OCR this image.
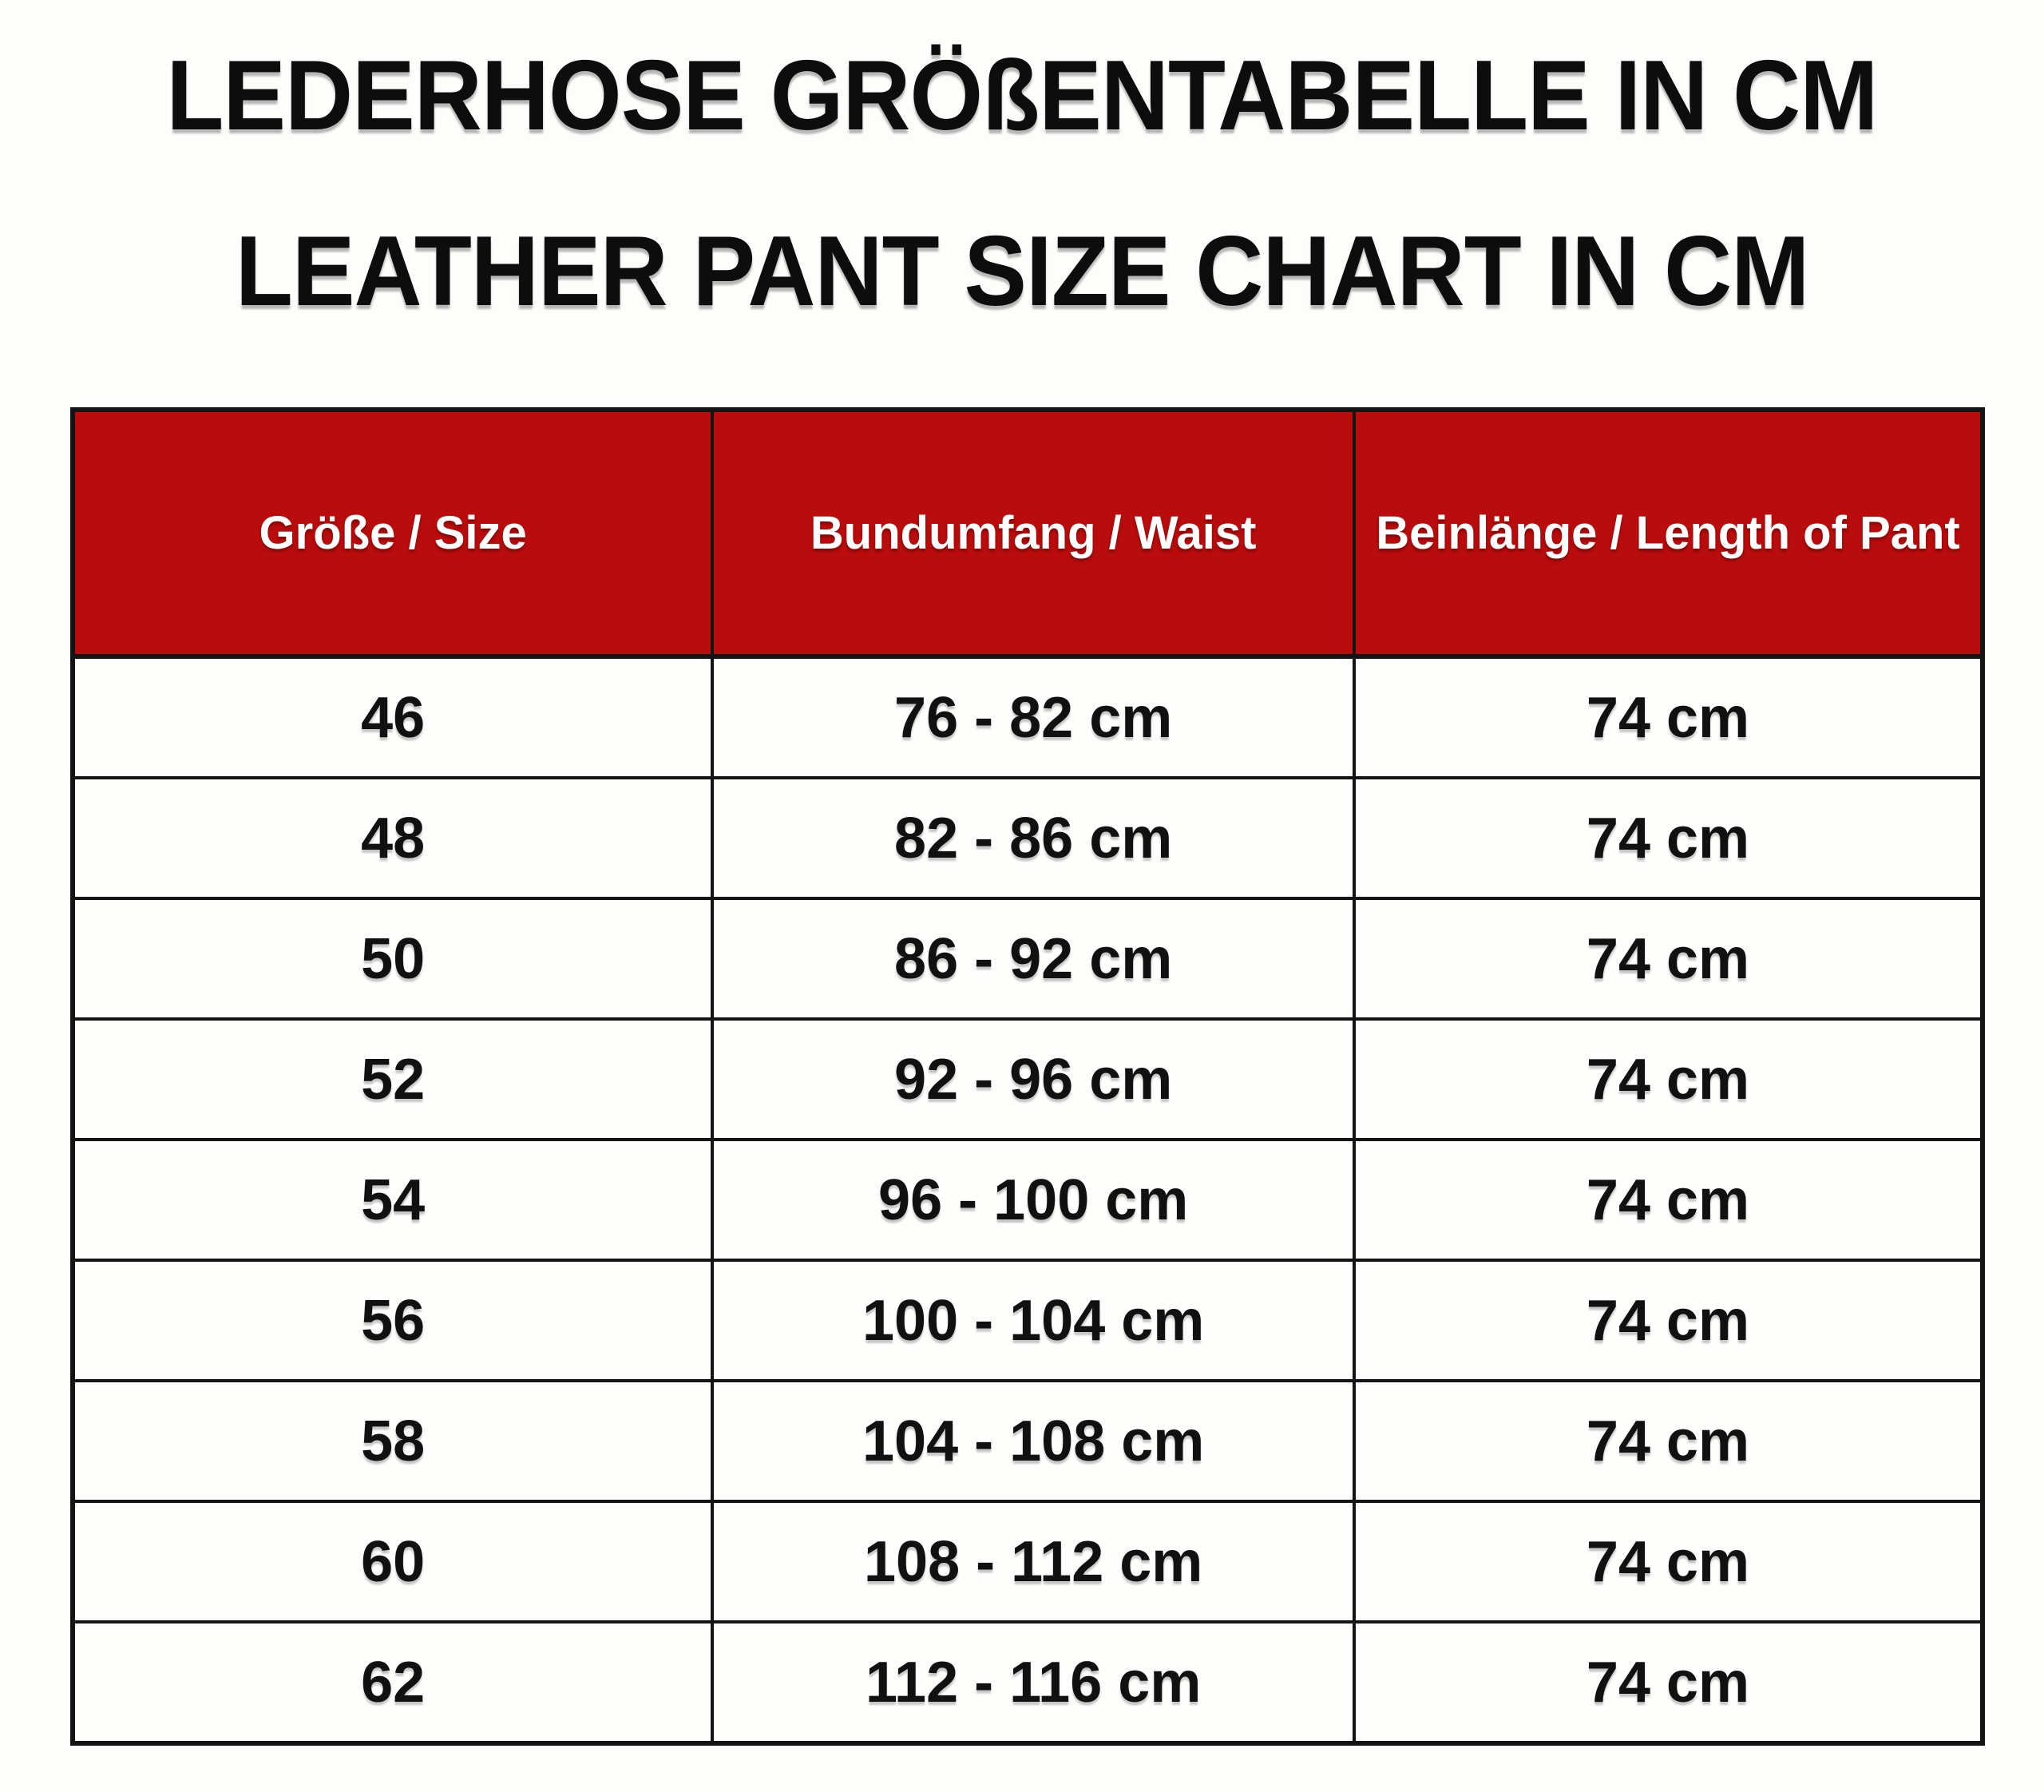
LEDERHOSE GRÖßENTABELLE IN CM
LEATHER PANT SIZE CHART IN CM
Größe / Size	Bundumfang / Waist	Beinlänge / Length of Pant
46	76 - 82 cm	74 cm
48	82 - 86 cm	74 cm
50	86 - 92 cm	74 cm
52	92 - 96 cm	74 cm
54	96 - 100 cm	74 cm
56	100 - 104 cm	74 cm
58	104 - 108 cm	74 cm
60	108 - 112 cm	74 cm
62	112 - 116 cm	74 cm
